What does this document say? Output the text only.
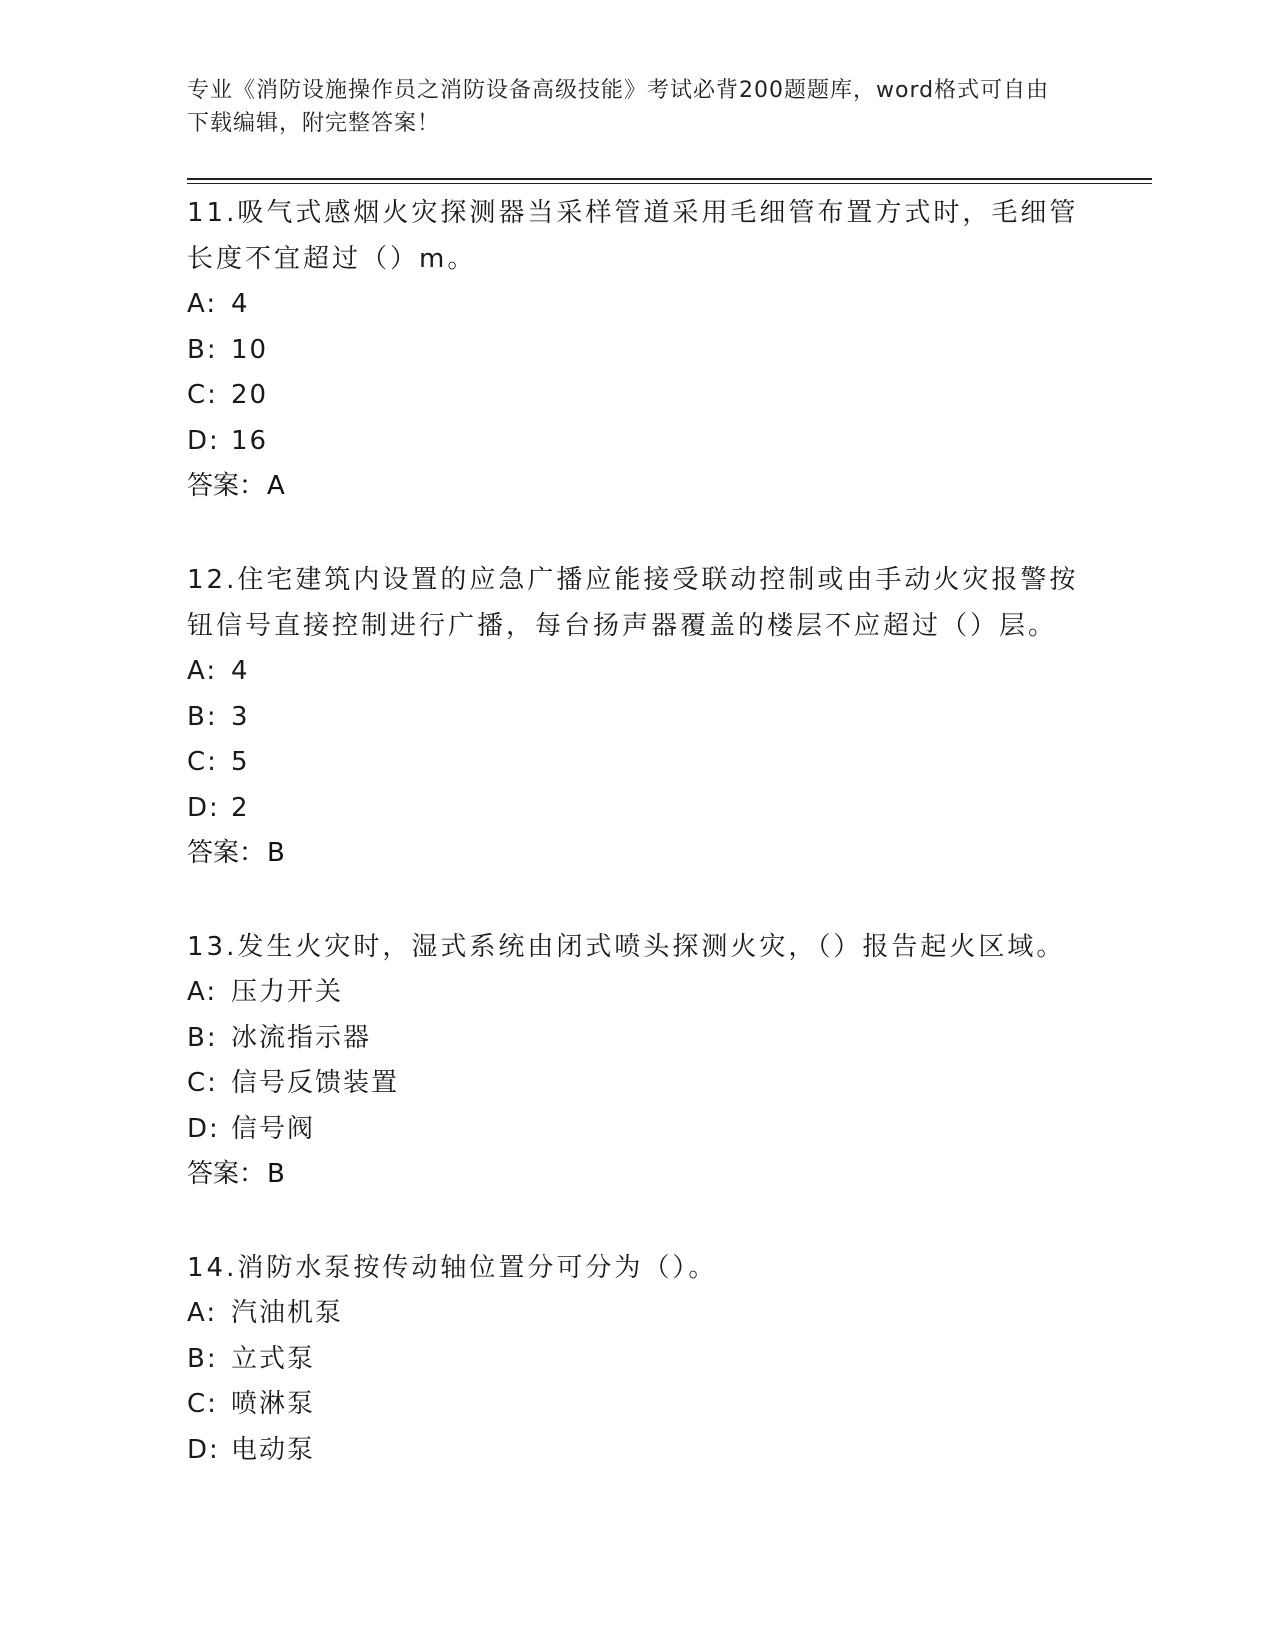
专业《消防设施操作员之消防设备高级技能》考试必背200题题库，word格式可自由下载编辑，附完整答案！
11.吸气式感烟火灾探测器当采样管道采用毛细管布置方式时，毛细管长度不宜超过（）m。
A: 4
B: 10
C: 20
D: 16
答案：A
12.住宅建筑内设置的应急广播应能接受联动控制或由手动火灾报警按钮信号直接控制进行广播，每台扬声器覆盖的楼层不应超过（）层。
A: 4
B: 3
C: 5
D: 2
答案：B
13.发生火灾时，湿式系统由闭式喷头探测火灾，（）报告起火区域。
A: 压力开关
B: 冰流指示器
C: 信号反馈装置
D: 信号阀
答案：B
14.消防水泵按传动轴位置分可分为（）。
A: 汽油机泵
B: 立式泵
C: 喷淋泵
D: 电动泵
